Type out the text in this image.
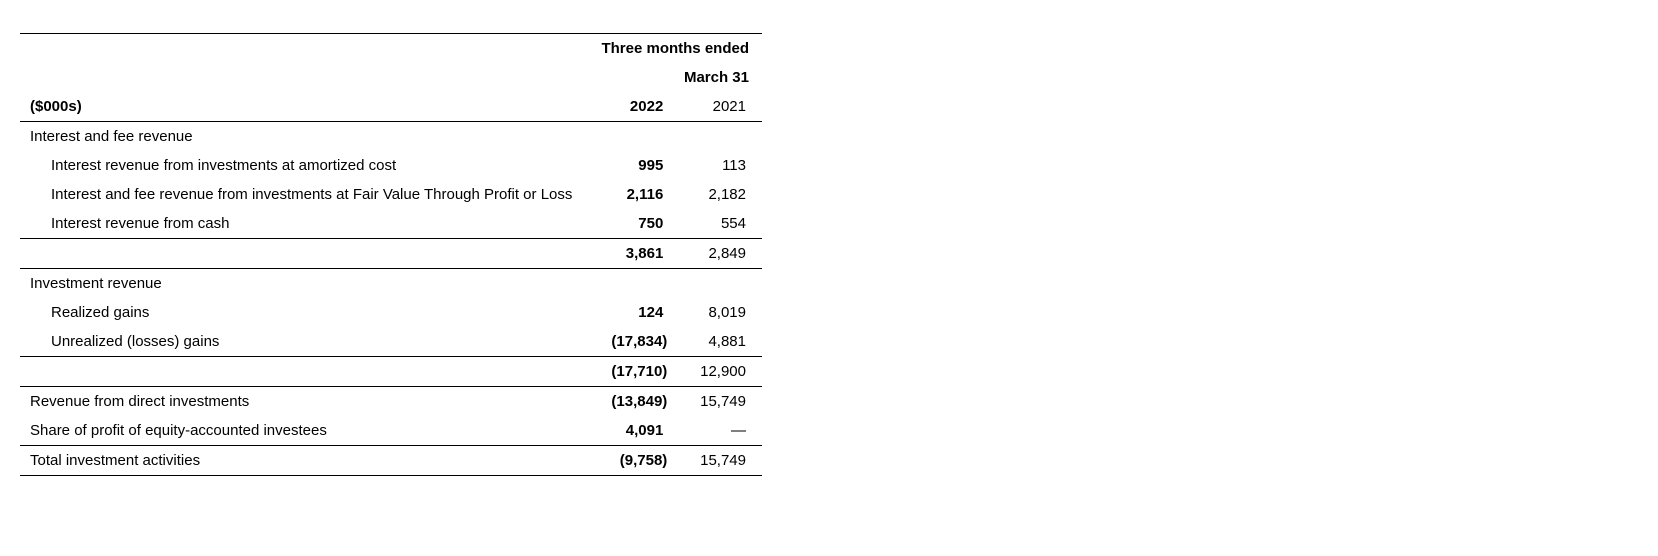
	Three months ended	
	March 31	
($000s)	2022	2021
Interest and fee revenue		
Interest revenue from investments at amortized cost	995	113
Interest and fee revenue from investments at Fair Value Through Profit or Loss	2,116	2,182
Interest revenue from cash	750	554
	3,861	2,849
Investment revenue		
Realized gains	124	8,019
Unrealized (losses) gains	(17,834)	4,881
	(17,710)	12,900
Revenue from direct investments	(13,849)	15,749
Share of profit of equity-accounted investees	4,091	—
Total investment activities	(9,758)	15,749
